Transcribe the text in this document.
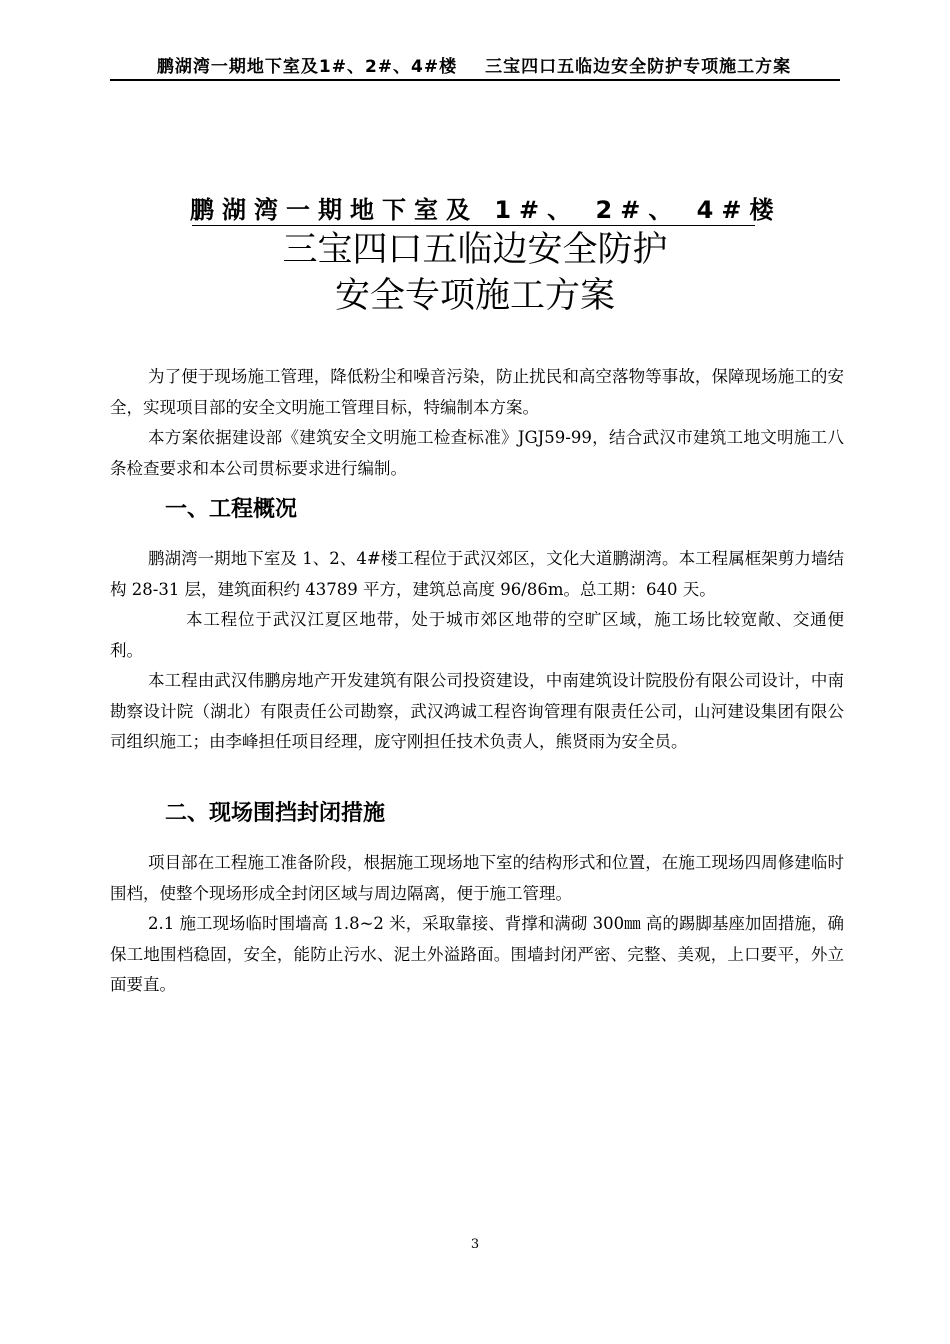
鹏湖湾一期地下室及1#、2#、4#楼 三宝四口五临边安全防护专项施工方案
鹏湖湾一期地下室及 1#、 2#、 4#楼
三宝四口五临边安全防护
安全专项施工方案
为了便于现场施工管理，降低粉尘和噪音污染，防止扰民和高空落物等事故，保障现场施工的安全，实现项目部的安全文明施工管理目标，特编制本方案。
本方案依据建设部《建筑安全文明施工检查标准》JGJ59-99，结合武汉市建筑工地文明施工八条检查要求和本公司贯标要求进行编制。
一、工程概况
鹏湖湾一期地下室及 1、2、4#楼工程位于武汉郊区，文化大道鹏湖湾。本工程属框架剪力墙结构 28-31 层，建筑面积约 43789 平方，建筑总高度 96/86m。总工期：640 天。
本工程位于武汉江夏区地带，处于城市郊区地带的空旷区域，施工场比较宽敞、交通便利。
本工程由武汉伟鹏房地产开发建筑有限公司投资建设，中南建筑设计院股份有限公司设计，中南勘察设计院（湖北）有限责任公司勘察，武汉鸿诚工程咨询管理有限责任公司，山河建设集团有限公司组织施工；由李峰担任项目经理，庞守刚担任技术负责人，熊贤雨为安全员。
二、现场围挡封闭措施
项目部在工程施工准备阶段，根据施工现场地下室的结构形式和位置，在施工现场四周修建临时围档，使整个现场形成全封闭区域与周边隔离，便于施工管理。
2.1 施工现场临时围墙高 1.8~2 米，采取靠接、背撑和满砌 300㎜ 高的踢脚基座加固措施，确保工地围档稳固，安全，能防止污水、泥土外溢路面。围墙封闭严密、完整、美观，上口要平，外立面要直。
3
